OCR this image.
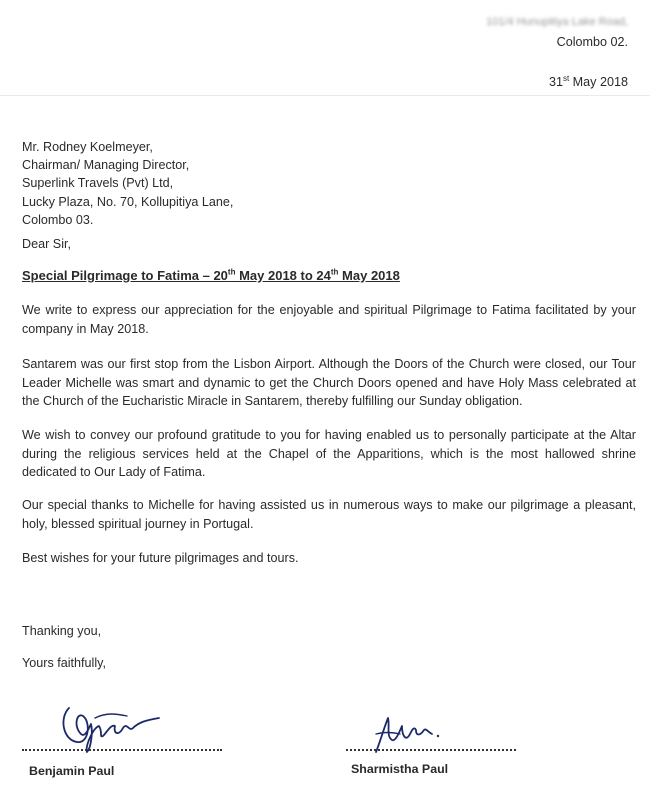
101/4 Hunupitiya Lake Road,
Colombo 02.
31st May 2018
Mr. Rodney Koelmeyer,
Chairman/ Managing Director,
Superlink Travels (Pvt) Ltd,
Lucky Plaza, No. 70, Kollupitiya Lane,
Colombo 03.
Dear Sir,
Special Pilgrimage to Fatima – 20th May 2018 to 24th May 2018

We write to express our appreciation for the enjoyable and spiritual Pilgrimage to Fatima facilitated by your company in May 2018.

Santarem was our first stop from the Lisbon Airport. Although the Doors of the Church were closed, our Tour Leader Michelle was smart and dynamic to get the Church Doors opened and have Holy Mass celebrated at the Church of the Eucharistic Miracle in Santarem, thereby fulfilling our Sunday obligation.

We wish to convey our profound gratitude to you for having enabled us to personally participate at the Altar during the religious services held at the Chapel of the Apparitions, which is the most hallowed shrine dedicated to Our Lady of Fatima.

Our special thanks to Michelle for having assisted us in numerous ways to make our pilgrimage a pleasant, holy, blessed spiritual journey in Portugal.

Best wishes for your future pilgrimages and tours.

Thanking you,
Yours faithfully,
Benjamin Paul	Sharmistha Paul
